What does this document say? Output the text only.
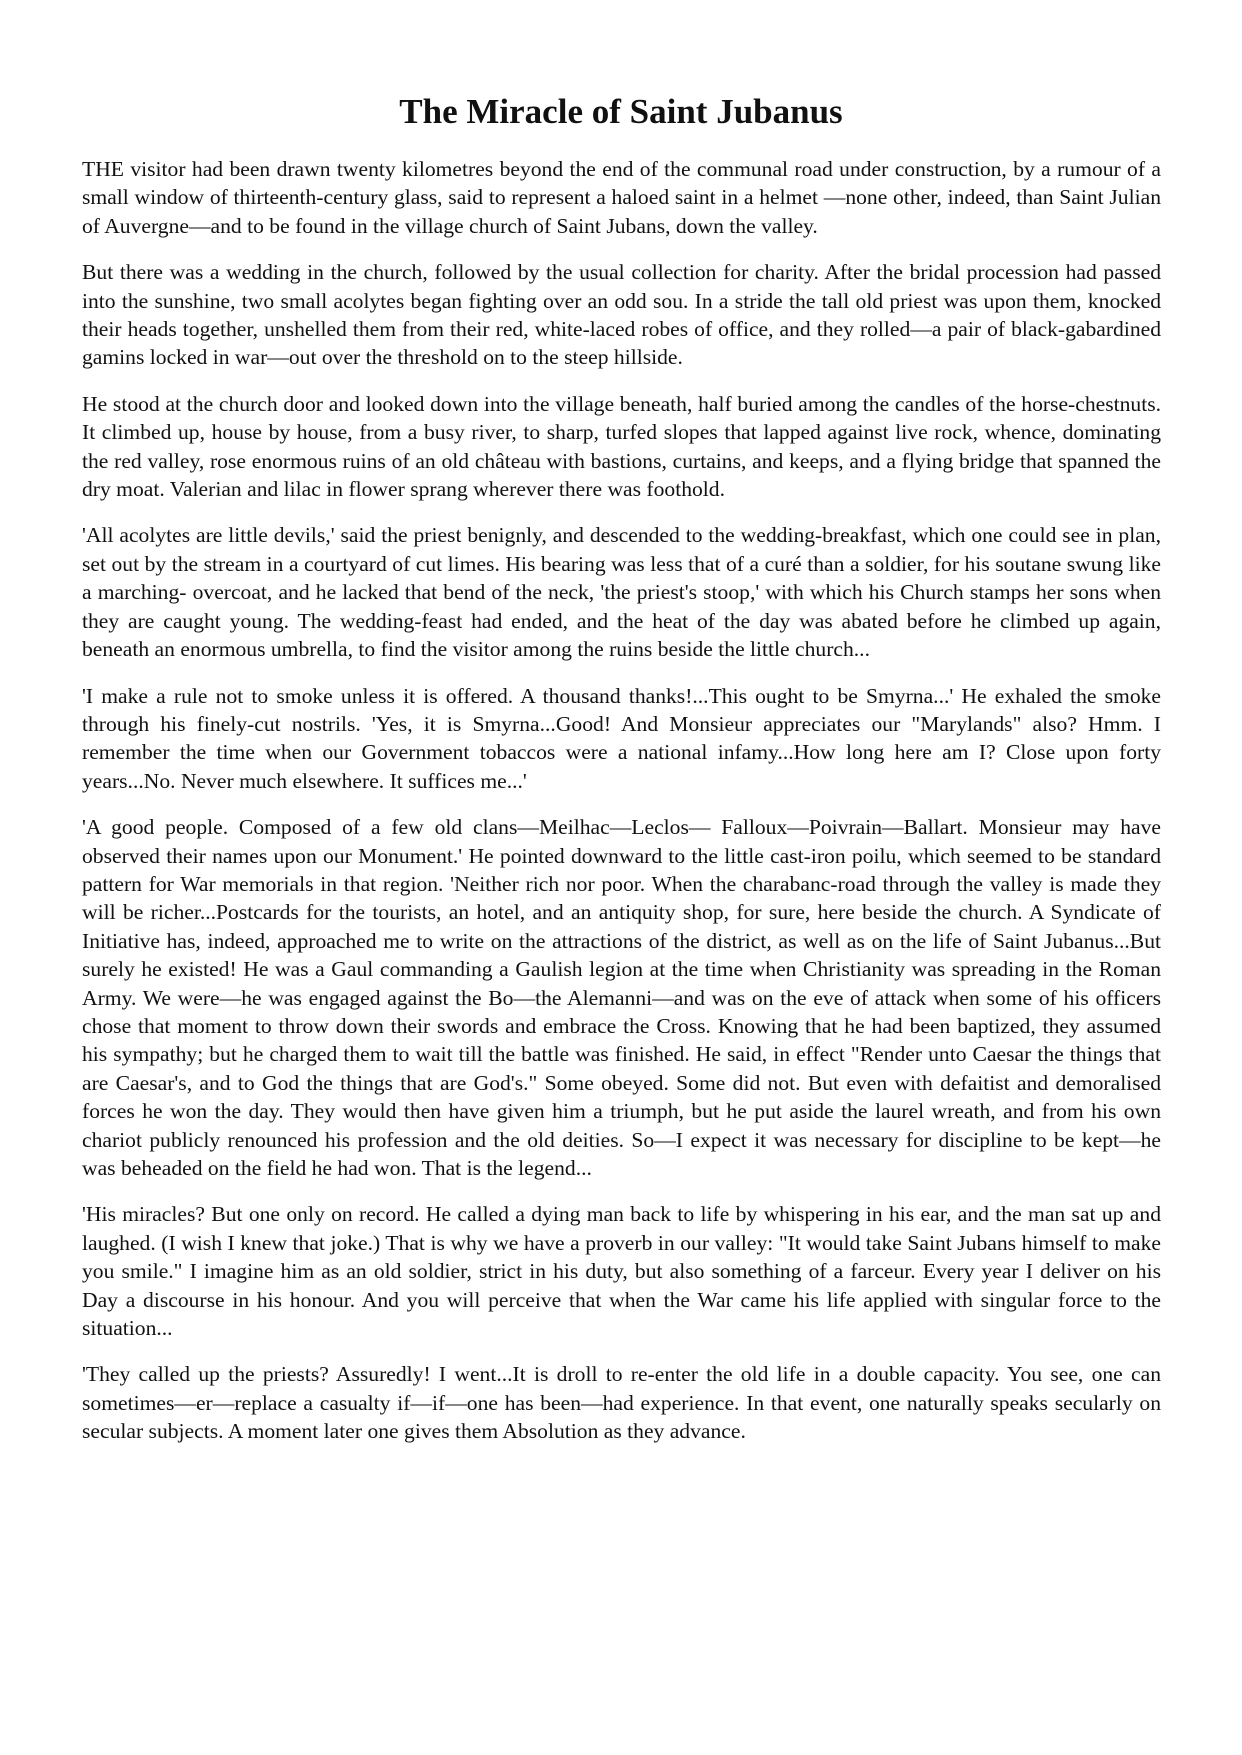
The Miracle of Saint Jubanus

THE visitor had been drawn twenty kilometres beyond the end of the communal road under construction, by a rumour of a small window of thirteenth-century glass, said to represent a haloed saint in a helmet —none other, indeed, than Saint Julian of Auvergne—and to be found in the village church of Saint Jubans, down the valley.

But there was a wedding in the church, followed by the usual collection for charity. After the bridal procession had passed into the sunshine, two small acolytes began fighting over an odd sou. In a stride the tall old priest was upon them, knocked their heads together, unshelled them from their red, white-laced robes of office, and they rolled—a pair of black-gabardined gamins locked in war—out over the threshold on to the steep hillside.

He stood at the church door and looked down into the village beneath, half buried among the candles of the horse-chestnuts. It climbed up, house by house, from a busy river, to sharp, turfed slopes that lapped against live rock, whence, dominating the red valley, rose enormous ruins of an old château with bastions, curtains, and keeps, and a flying bridge that spanned the dry moat. Valerian and lilac in flower sprang wherever there was foothold.

'All acolytes are little devils,' said the priest benignly, and descended to the wedding-breakfast, which one could see in plan, set out by the stream in a courtyard of cut limes. His bearing was less that of a curé than a soldier, for his soutane swung like a marching- overcoat, and he lacked that bend of the neck, 'the priest's stoop,' with which his Church stamps her sons when they are caught young. The wedding-feast had ended, and the heat of the day was abated before he climbed up again, beneath an enormous umbrella, to find the visitor among the ruins beside the little church...

'I make a rule not to smoke unless it is offered. A thousand thanks!...This ought to be Smyrna...' He exhaled the smoke through his finely-cut nostrils. 'Yes, it is Smyrna...Good! And Monsieur appreciates our "Marylands" also? Hmm. I remember the time when our Government tobaccos were a national infamy...How long here am I? Close upon forty years...No. Never much elsewhere. It suffices me...'

'A good people. Composed of a few old clans—Meilhac—Leclos— Falloux—Poivrain—Ballart. Monsieur may have observed their names upon our Monument.' He pointed downward to the little cast-iron poilu, which seemed to be standard pattern for War memorials in that region. 'Neither rich nor poor. When the charabanc-road through the valley is made they will be richer...Postcards for the tourists, an hotel, and an antiquity shop, for sure, here beside the church. A Syndicate of Initiative has, indeed, approached me to write on the attractions of the district, as well as on the life of Saint Jubanus...But surely he existed! He was a Gaul commanding a Gaulish legion at the time when Christianity was spreading in the Roman Army. We were—he was engaged against the Bo—the Alemanni—and was on the eve of attack when some of his officers chose that moment to throw down their swords and embrace the Cross. Knowing that he had been baptized, they assumed his sympathy; but he charged them to wait till the battle was finished. He said, in effect "Render unto Caesar the things that are Caesar's, and to God the things that are God's." Some obeyed. Some did not. But even with defaitist and demoralised forces he won the day. They would then have given him a triumph, but he put aside the laurel wreath, and from his own chariot publicly renounced his profession and the old deities. So—I expect it was necessary for discipline to be kept—he was beheaded on the field he had won. That is the legend...

'His miracles? But one only on record. He called a dying man back to life by whispering in his ear, and the man sat up and laughed. (I wish I knew that joke.) That is why we have a proverb in our valley: "It would take Saint Jubans himself to make you smile." I imagine him as an old soldier, strict in his duty, but also something of a farceur. Every year I deliver on his Day a discourse in his honour. And you will perceive that when the War came his life applied with singular force to the situation...

'They called up the priests? Assuredly! I went...It is droll to re-enter the old life in a double capacity. You see, one can sometimes—er—replace a casualty if—if—one has been—had experience. In that event, one naturally speaks secularly on secular subjects. A moment later one gives them Absolution as they advance.
